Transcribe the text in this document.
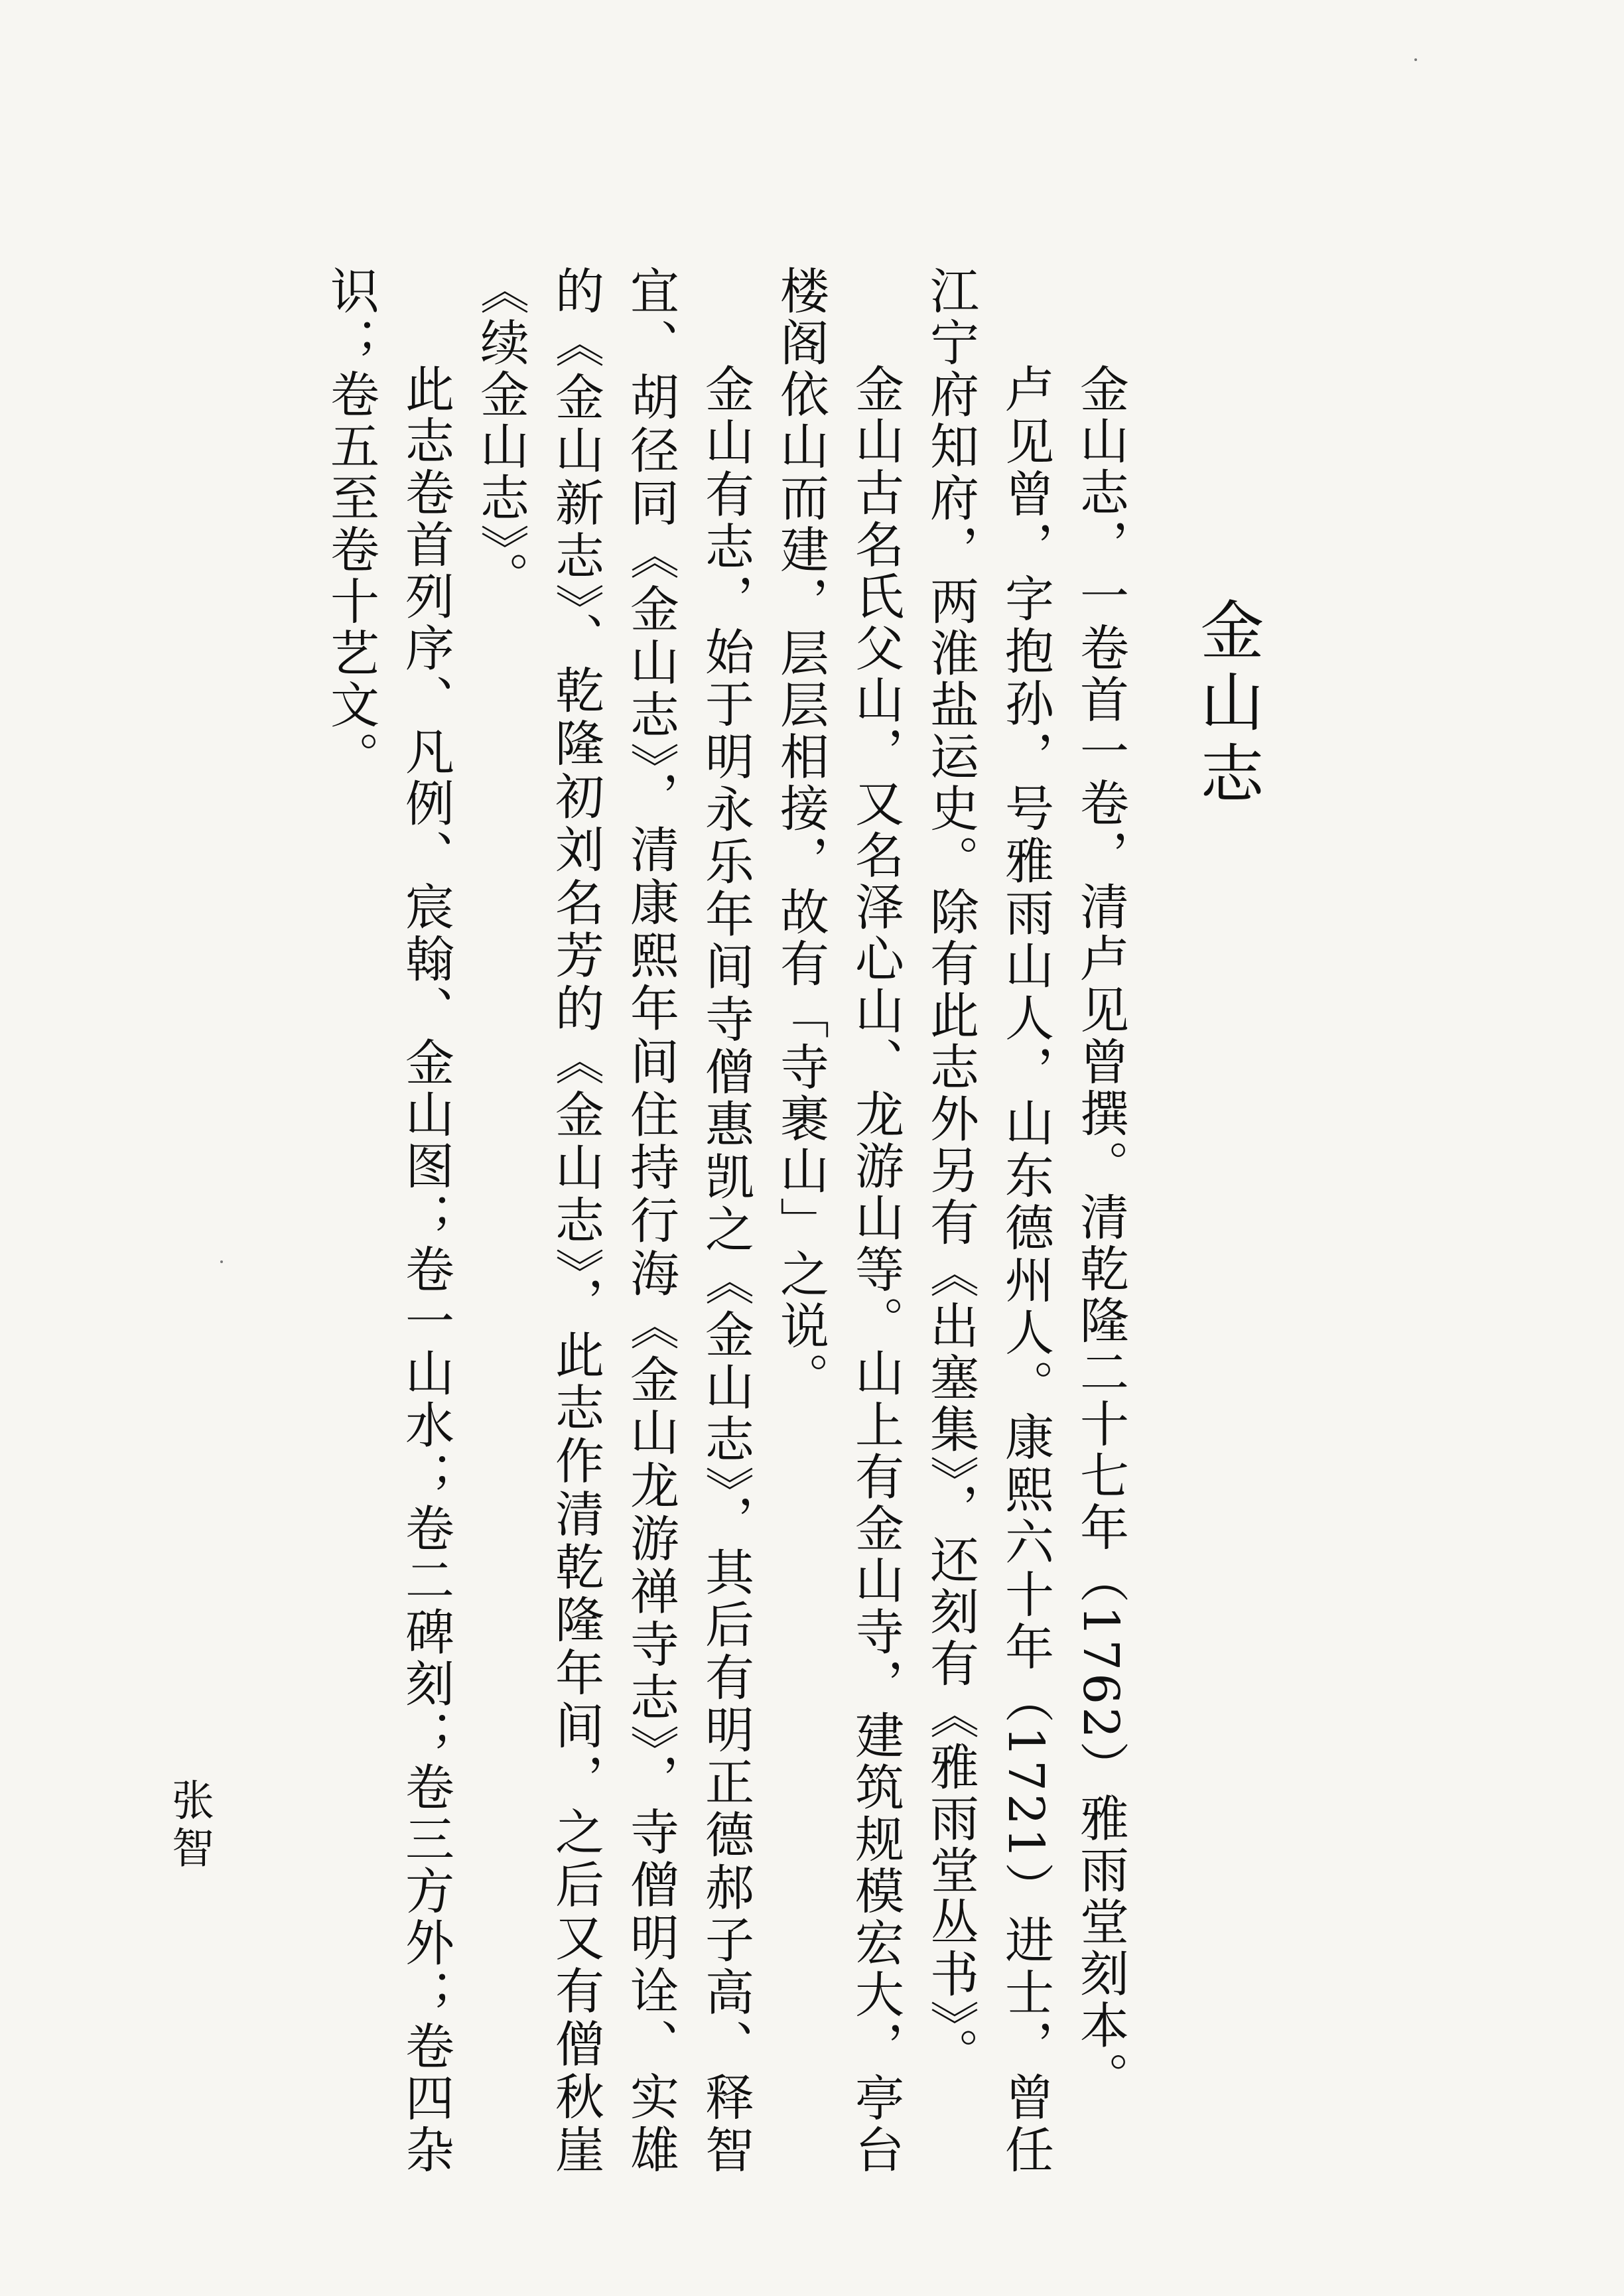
金山志

金山志，一卷首一卷，清卢见曾撰。清乾隆二十七年（1762）雅雨堂刻本。

卢见曾，字抱孙，号雅雨山人，山东德州人。康熙六十年（1721）进士，曾任江宁府知府，两淮盐运史。除有此志外另有《出塞集》，还刻有《雅雨堂丛书》。

金山古名氏父山，又名泽心山、龙游山等。山上有金山寺，建筑规模宏大，亭台楼阁依山而建，层层相接，故有「寺裹山」之说。

金山有志，始于明永乐年间寺僧惠凯之《金山志》，其后有明正德郝子高、释智宜、胡径同《金山志》，清康熙年间住持行海《金山龙游禅寺志》，寺僧明诠、实雄的《金山新志》、乾隆初刘名芳的《金山志》，此志作清乾隆年间，之后又有僧秋崖《续金山志》。

此志卷首列序、凡例、宸翰、金山图；卷一山水；卷二碑刻；卷三方外；卷四杂识；卷五至卷十艺文。

张智
